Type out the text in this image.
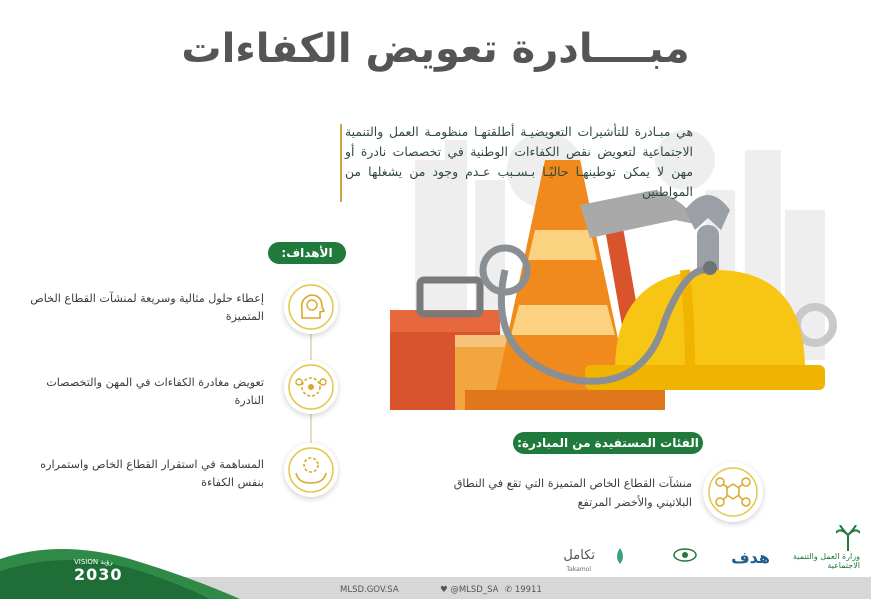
مبــــادرة تعويض الكفاءات
هي مبـادرة للتأشيرات التعويضيـة أطلقتهـا منظومـة العمل والتنمية الاجتماعية لتعويض نقص الكفاءات الوطنية في تخصصات نادرة أو مهن لا يمكن توطينهـا حاليًـا بـسـبب عـدم وجود من يشغلها من المواطنين
الأهداف:
إعطاء حلول مثالية وسريعة لمنشآت القطاع الخاص المتميزة
تعويض مغادرة الكفاءات في المهن والتخصصات النادرة
المساهمة في استقرار القطاع الخاص واستمراره بنفس الكفاءة
الفئات المستفيدة من المبادرة:
منشآت القطاع الخاص المتميزة التي تقع في النطاق البلاتيني والأخضر المرتفع
وزارة العمل والتنمية الاجتماعية
هدف
تكامل
Takamol
VISION رؤية
2030
MLSD.GOV.SA	♥ @MLSD_SA ✆ 19911
